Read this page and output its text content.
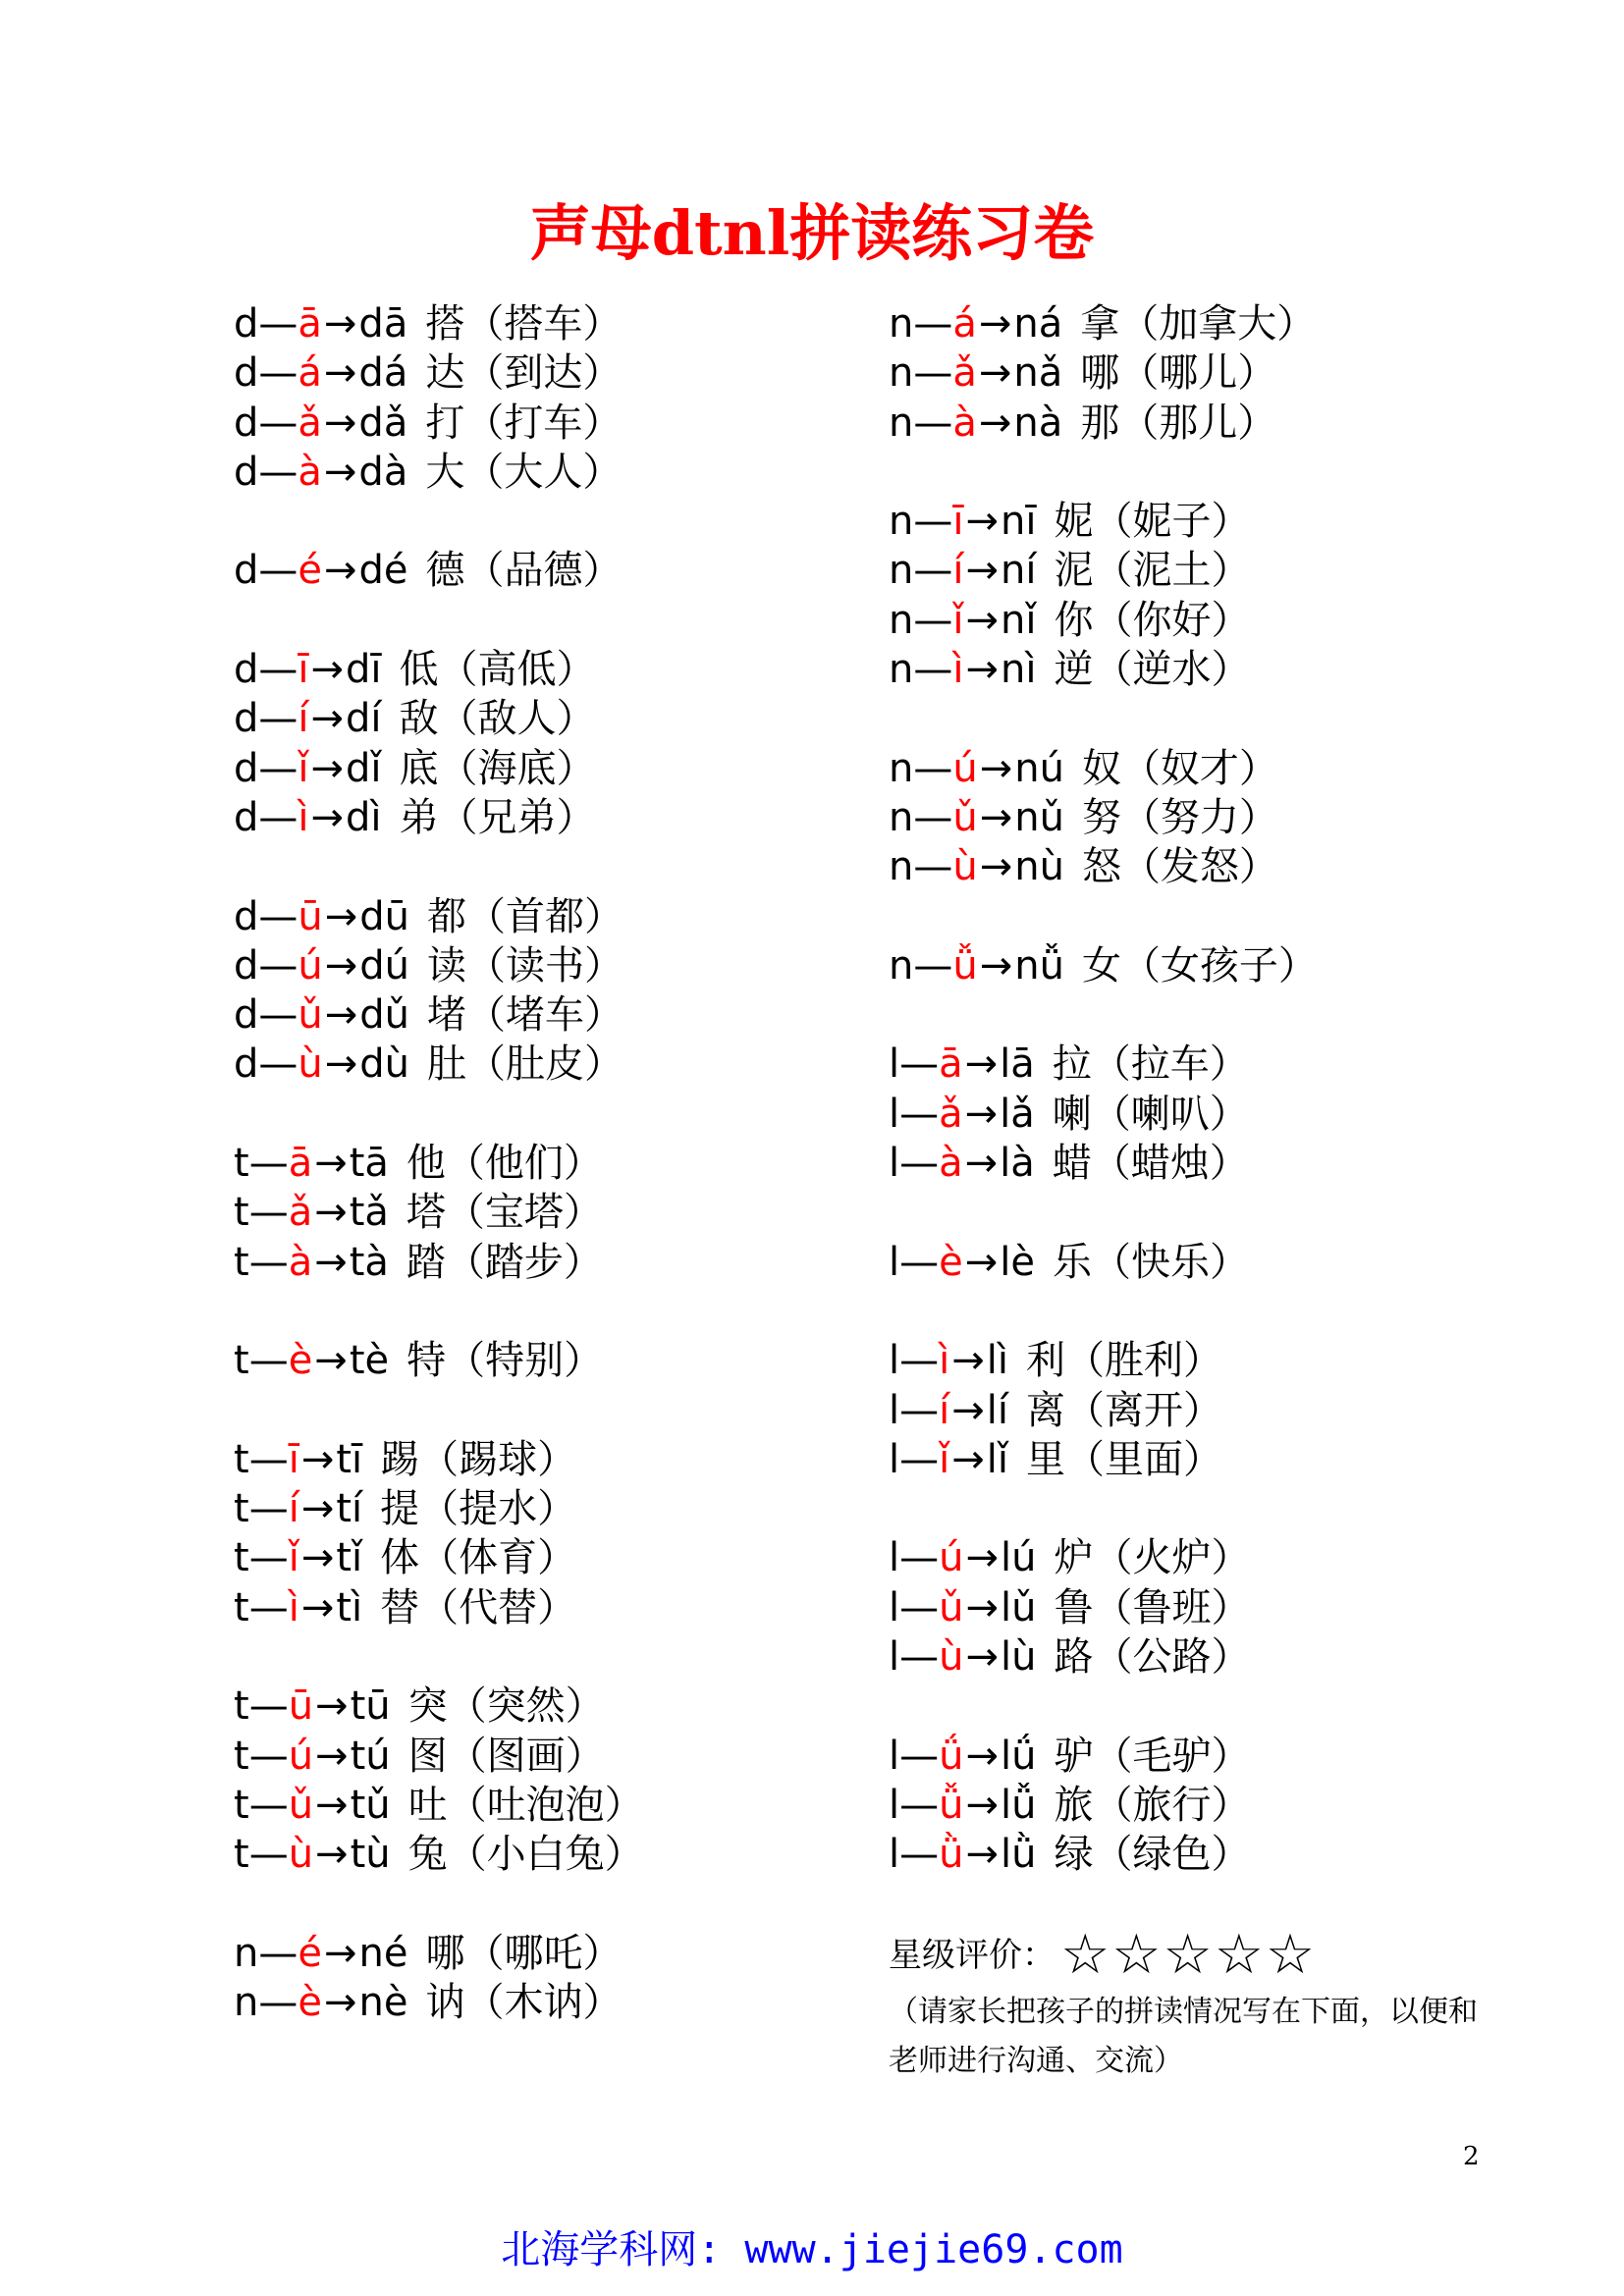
声母dtnl拼读练习卷
d—ā→dā 搭（搭车）
d—á→dá 达（到达）
d—ǎ→dǎ 打（打车）
d—à→dà 大（大人）
d—é→dé 德（品德）
d—ī→dī 低（高低）
d—í→dí 敌（敌人）
d—ǐ→dǐ 底（海底）
d—ì→dì 弟（兄弟）
d—ū→dū 都（首都）
d—ú→dú 读（读书）
d—ǔ→dǔ 堵（堵车）
d—ù→dù 肚（肚皮）
t—ā→tā 他（他们）
t—ǎ→tǎ 塔（宝塔）
t—à→tà 踏（踏步）
t—è→tè 特（特别）
t—ī→tī 踢（踢球）
t—í→tí 提（提水）
t—ǐ→tǐ 体（体育）
t—ì→tì 替（代替）
t—ū→tū 突（突然）
t—ú→tú 图（图画）
t—ǔ→tǔ 吐（吐泡泡）
t—ù→tù 兔（小白兔）
n—é→né 哪（哪吒）
n—è→nè 讷（木讷）
n—á→ná 拿（加拿大）
n—ǎ→nǎ 哪（哪儿）
n—à→nà 那（那儿）
n—ī→nī 妮（妮子）
n—í→ní 泥（泥土）
n—ǐ→nǐ 你（你好）
n—ì→nì 逆（逆水）
n—ú→nú 奴（奴才）
n—ǔ→nǔ 努（努力）
n—ù→nù 怒（发怒）
n—ǚ→nǚ 女（女孩子）
l—ā→lā 拉（拉车）
l—ǎ→lǎ 喇（喇叭）
l—à→là 蜡（蜡烛）
l—è→lè 乐（快乐）
l—ì→lì 利（胜利）
l—í→lí 离（离开）
l—ǐ→lǐ 里（里面）
l—ú→lú 炉（火炉）
l—ǔ→lǔ 鲁（鲁班）
l—ù→lù 路（公路）
l—ǘ→lǘ 驴（毛驴）
l—ǚ→lǚ 旅（旅行）
l—ǜ→lǜ 绿（绿色）
星级评价： ☆☆☆☆☆
（请家长把孩子的拼读情况写在下面，以便和老师进行沟通、交流）
2
北海学科网: www.jiejie69.com
